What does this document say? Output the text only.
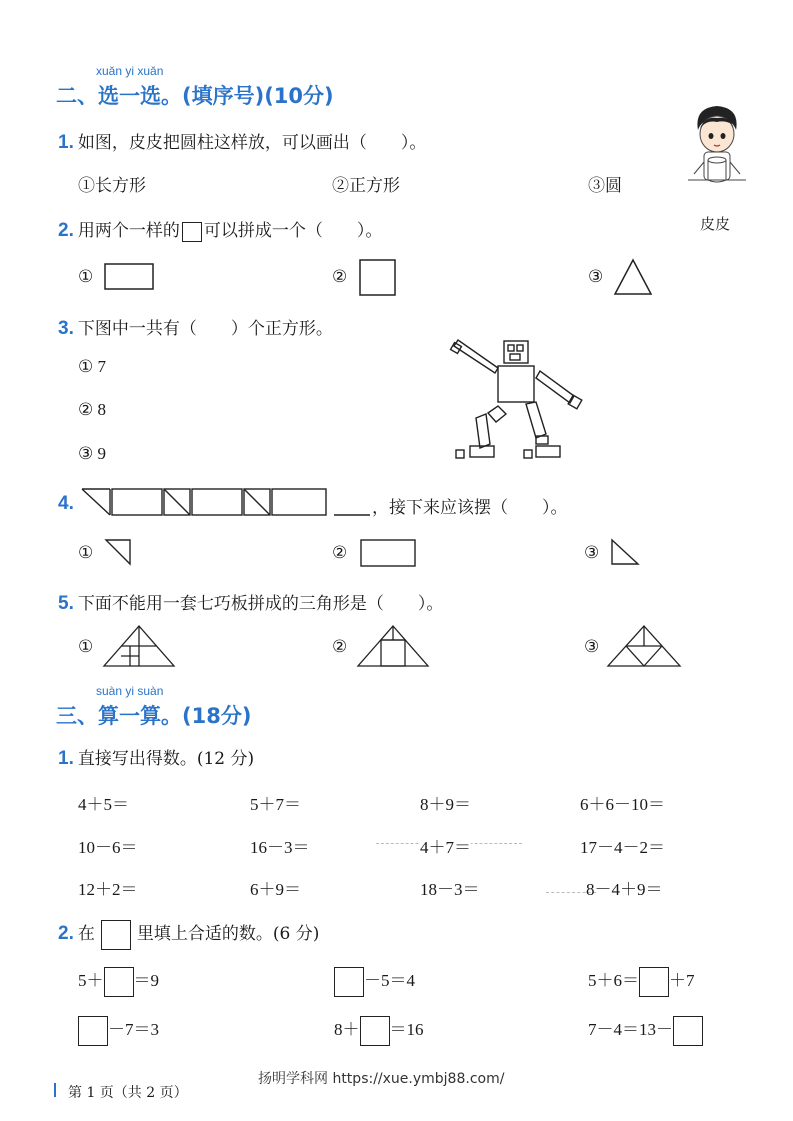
xuǎn yi xuǎn
二、选一选。(填序号)(10分)
1. 如图，皮皮把圆柱这样放，可以画出（　　）。
①长方形	②正方形	③圆
皮皮
2. 用两个一样的 可以拼成一个（　　）。
①	②	③
3. 下图中一共有（　　）个正方形。
① 7
② 8
③ 9
4.	，接下来应该摆（　　）。
①	②	③
5. 下面不能用一套七巧板拼成的三角形是（　　）。
①	②	③
suàn yi suàn
三、算一算。(18分)
1. 直接写出得数。(12 分)
4＋5＝	5＋7＝	8＋9＝	6＋6－10＝
10－6＝	16－3＝	4＋7＝	17－4－2＝
12＋2＝	6＋9＝	18－3＝	8－4＋9＝
2. 在 里填上合适的数。(6 分)
5＋ ＝9	－5＝4	5＋6＝ ＋7
－7＝3	8＋ ＝16	7－4＝13－
第 1 页（共 2 页）
扬明学科网 https://xue.ymbj88.com/
